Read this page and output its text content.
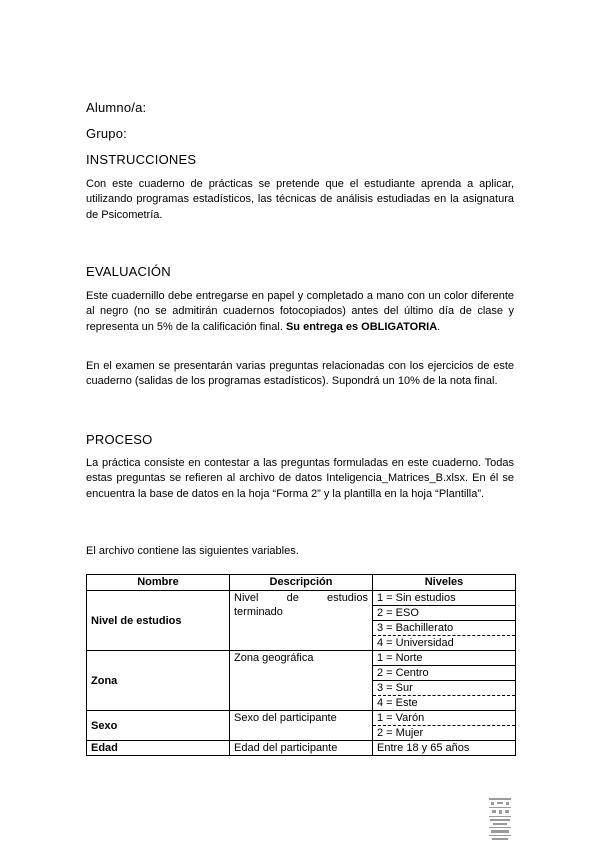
Alumno/a:
Grupo:
INSTRUCCIONES
Con este cuaderno de prácticas se pretende que el estudiante aprenda a aplicar, utilizando programas estadísticos, las técnicas de análisis estudiadas en la asignatura de Psicometría.
EVALUACIÓN
Este cuadernillo debe entregarse en papel y completado a mano con un color diferente al negro (no se admitirán cuadernos fotocopiados) antes del último día de clase y representa un 5% de la calificación final. Su entrega es OBLIGATORIA.
En el examen se presentarán varias preguntas relacionadas con los ejercicios de este cuaderno (salidas de los programas estadísticos). Supondrá un 10% de la nota final.
PROCESO
La práctica consiste en contestar a las preguntas formuladas en este cuaderno. Todas estas preguntas se refieren al archivo de datos Inteligencia_Matrices_B.xlsx. En él se encuentra la base de datos en la hoja “Forma 2” y la plantilla en la hoja “Plantilla”.
El archivo contiene las siguientes variables.
Nombre	Descripción	Niveles
Nivel de estudios	Nivel de estudios terminado	1 = Sin estudios
		2 = ESO
		3 = Bachillerato
		4 = Universidad
Zona	Zona geográfica	1 = Norte
		2 = Centro
		3 = Sur
		4 = Este
Sexo	Sexo del participante	1 = Varón
		2 = Mujer
Edad	Edad del participante	Entre 18 y 65 años
